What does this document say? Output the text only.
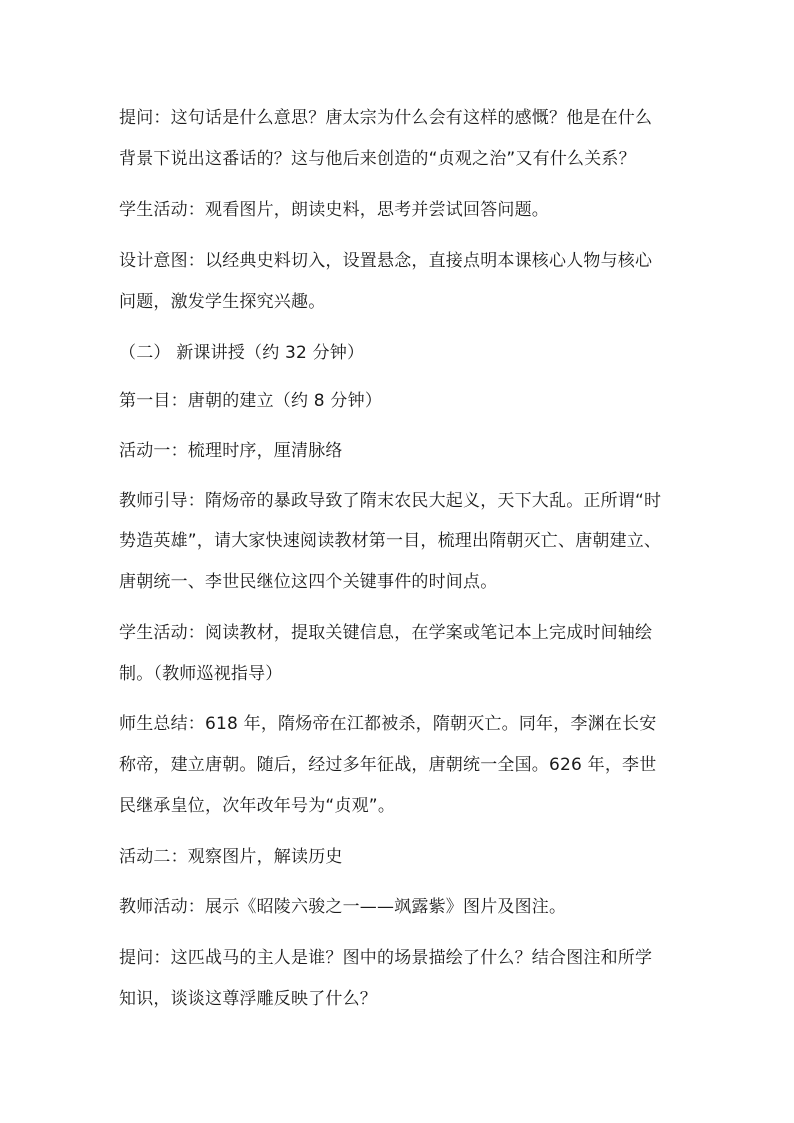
提问：这句话是什么意思？唐太宗为什么会有这样的感慨？他是在什么
背景下说出这番话的？这与他后来创造的“贞观之治”又有什么关系？
学生活动：观看图片，朗读史料，思考并尝试回答问题。
设计意图：以经典史料切入，设置悬念，直接点明本课核心人物与核心
问题，激发学生探究兴趣。
（二） 新课讲授（约 32 分钟）
第一目：唐朝的建立（约 8 分钟）
活动一：梳理时序，厘清脉络
教师引导：隋炀帝的暴政导致了隋末农民大起义，天下大乱。正所谓“时
势造英雄”，请大家快速阅读教材第一目，梳理出隋朝灭亡、唐朝建立、
唐朝统一、李世民继位这四个关键事件的时间点。
学生活动：阅读教材，提取关键信息，在学案或笔记本上完成时间轴绘
制。（教师巡视指导）
师生总结：618 年，隋炀帝在江都被杀，隋朝灭亡。同年，李渊在长安
称帝，建立唐朝。随后，经过多年征战，唐朝统一全国。626 年，李世
民继承皇位，次年改年号为“贞观”。
活动二：观察图片，解读历史
教师活动：展示《昭陵六骏之一——飒露紫》图片及图注。
提问：这匹战马的主人是谁？图中的场景描绘了什么？结合图注和所学
知识，谈谈这尊浮雕反映了什么？
